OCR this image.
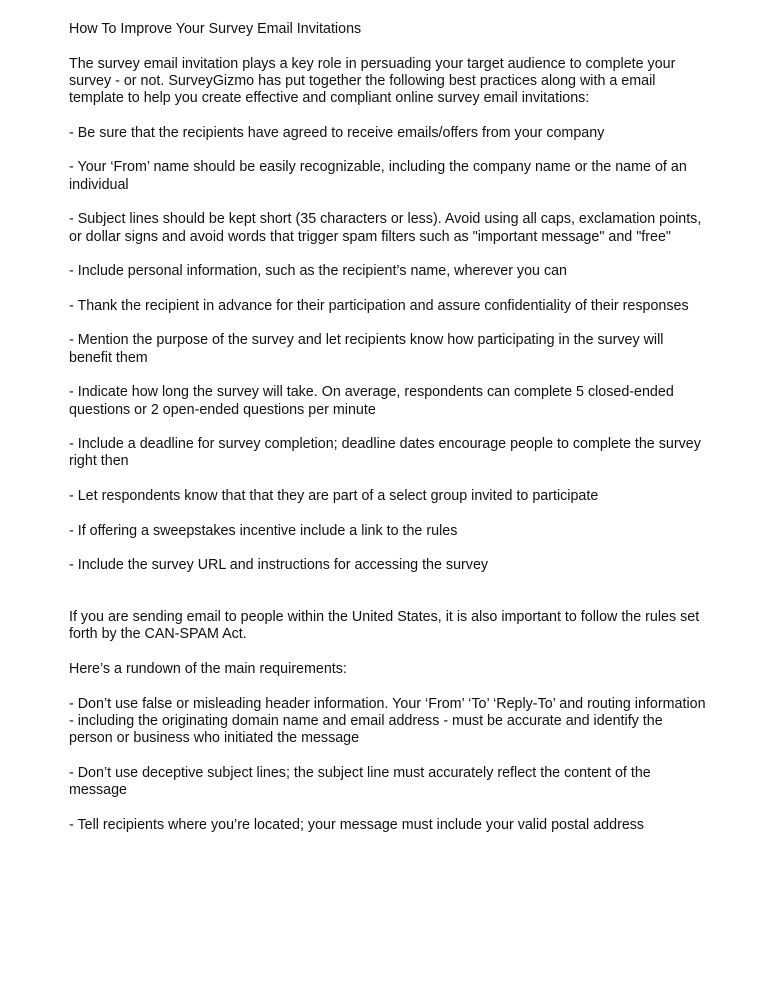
How To Improve Your Survey Email Invitations

The survey email invitation plays a key role in persuading your target audience to complete your survey - or not. SurveyGizmo has put together the following best practices along with a email template to help you create effective and compliant online survey email invitations:

- Be sure that the recipients have agreed to receive emails/offers from your company

- Your ‘From’ name should be easily recognizable, including the company name or the name of an individual

- Subject lines should be kept short (35 characters or less). Avoid using all caps, exclamation points, or dollar signs and avoid words that trigger spam filters such as "important message" and "free"

- Include personal information, such as the recipient’s name, wherever you can

- Thank the recipient in advance for their participation and assure confidentiality of their responses

- Mention the purpose of the survey and let recipients know how participating in the survey will benefit them

- Indicate how long the survey will take. On average, respondents can complete 5 closed-ended questions or 2 open-ended questions per minute

- Include a deadline for survey completion; deadline dates encourage people to complete the survey right then

- Let respondents know that that they are part of a select group invited to participate

- If offering a sweepstakes incentive include a link to the rules

- Include the survey URL and instructions for accessing the survey

If you are sending email to people within the United States, it is also important to follow the rules set forth by the CAN-SPAM Act.

Here’s a rundown of the main requirements:

- Don’t use false or misleading header information. Your ‘From’ ‘To’ ‘Reply-To’ and routing information - including the originating domain name and email address - must be accurate and identify the person or business who initiated the message

- Don’t use deceptive subject lines; the subject line must accurately reflect the content of the message

- Tell recipients where you’re located; your message must include your valid postal address
